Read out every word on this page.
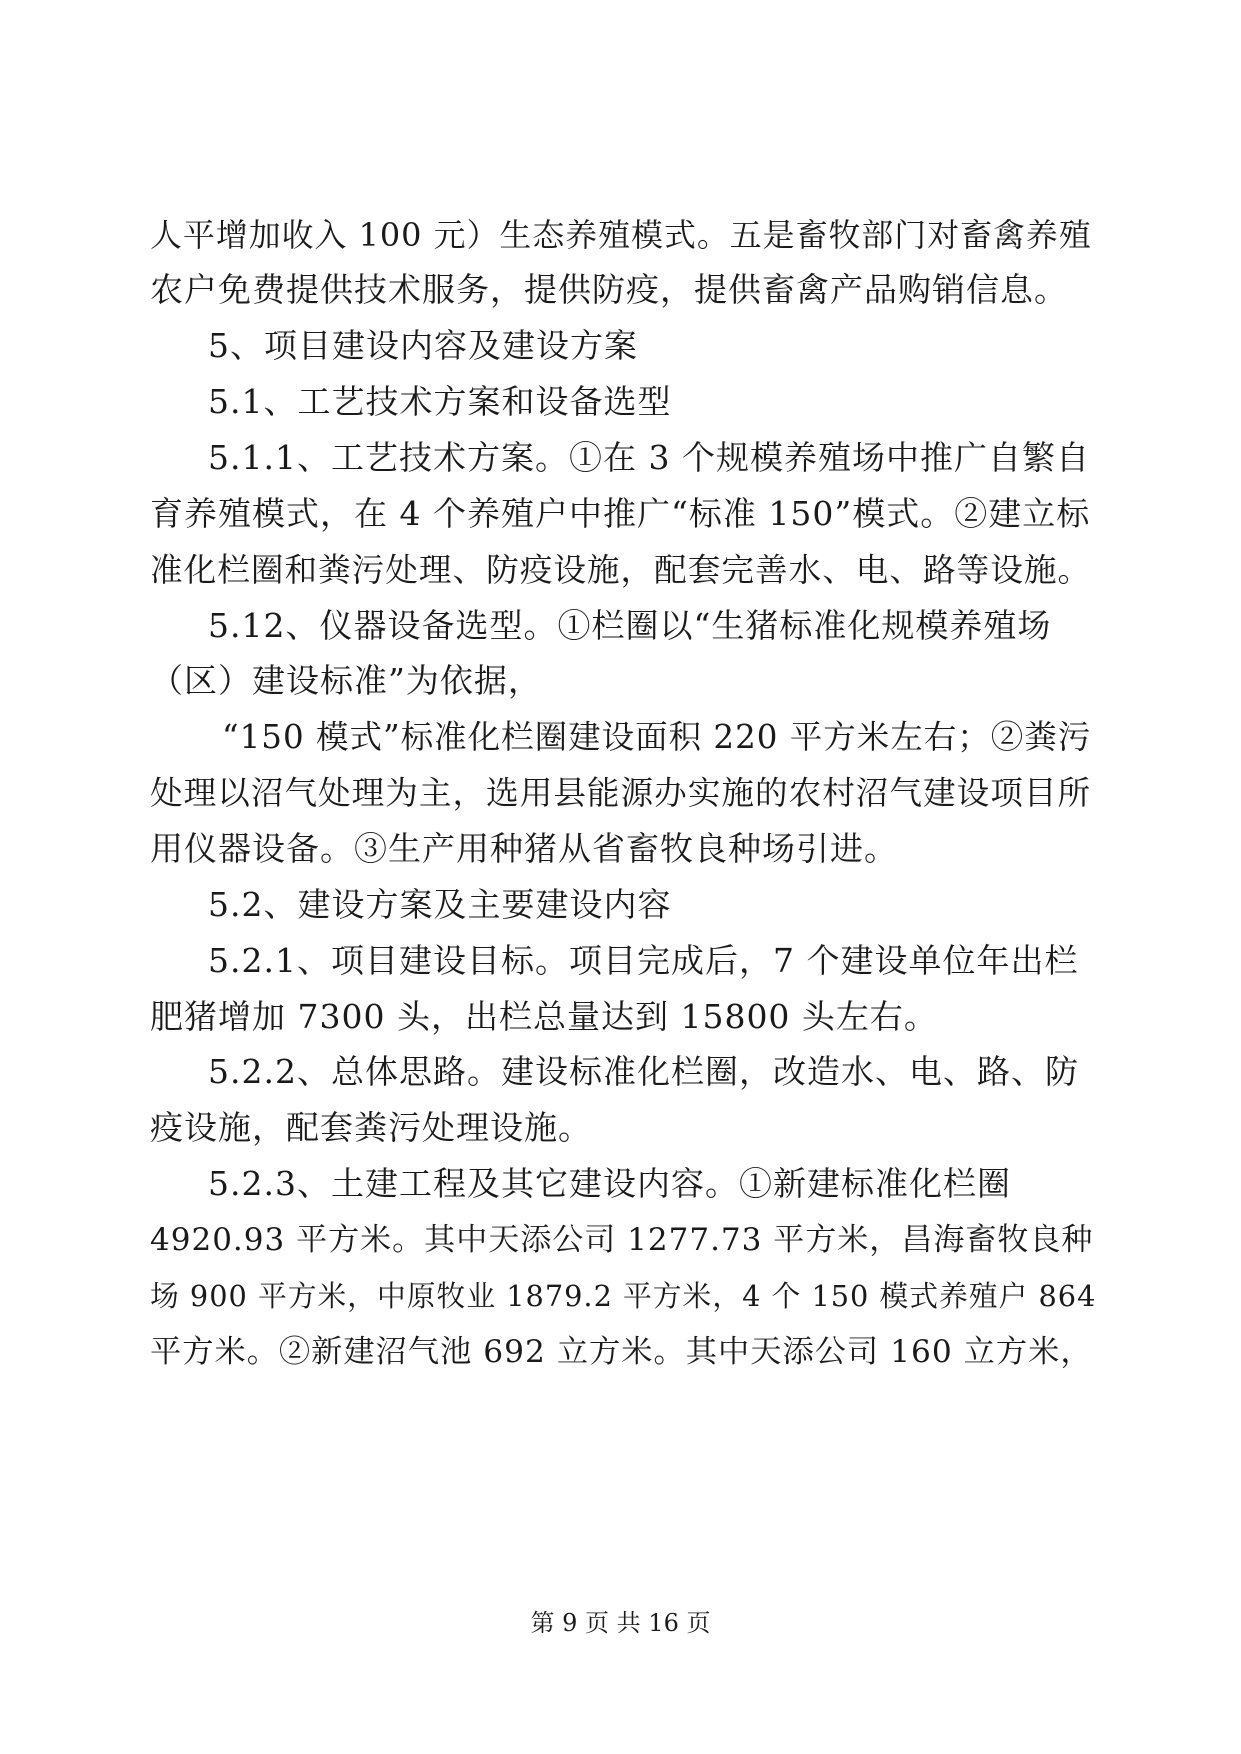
人平增加收入 100 元）生态养殖模式。五是畜牧部门对畜禽养殖
农户免费提供技术服务，提供防疫，提供畜禽产品购销信息。
5、项目建设内容及建设方案
5.1、工艺技术方案和设备选型
5.1.1、工艺技术方案。①在 3 个规模养殖场中推广自繁自
育养殖模式，在 4 个养殖户中推广“标准 150”模式。②建立标
准化栏圈和粪污处理、防疫设施，配套完善水、电、路等设施。
5.12、仪器设备选型。①栏圈以“生猪标准化规模养殖场
（区）建设标准”为依据，
“150 模式”标准化栏圈建设面积 220 平方米左右；②粪污
处理以沼气处理为主，选用县能源办实施的农村沼气建设项目所
用仪器设备。③生产用种猪从省畜牧良种场引进。
5.2、建设方案及主要建设内容
5.2.1、项目建设目标。项目完成后，7 个建设单位年出栏
肥猪增加 7300 头，出栏总量达到 15800 头左右。
5.2.2、总体思路。建设标准化栏圈，改造水、电、路、防
疫设施，配套粪污处理设施。
5.2.3、土建工程及其它建设内容。①新建标准化栏圈
4920.93 平方米。其中天添公司 1277.73 平方米，昌海畜牧良种
场 900 平方米，中原牧业 1879.2 平方米，4 个 150 模式养殖户 864
平方米。②新建沼气池 692 立方米。其中天添公司 160 立方米，
第 9 页 共 16 页
